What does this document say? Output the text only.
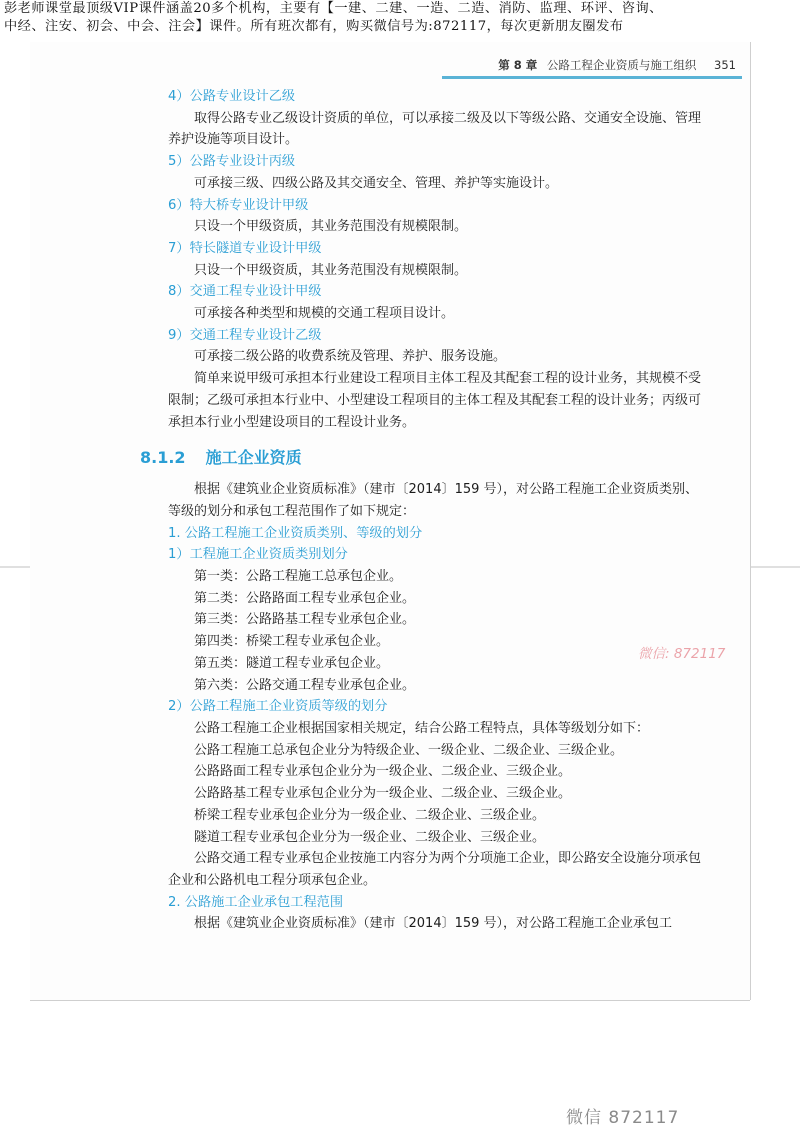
彭老师课堂最顶级VIP课件涵盖20多个机构，主要有【一建、二建、一造、二造、消防、监理、环评、咨询、
中经、注安、初会、中会、注会】课件。所有班次都有，购买微信号为:872117，每次更新朋友圈发布
第 8 章 公路工程企业资质与施工组织 351

4）公路专业设计乙级

取得公路专业乙级设计资质的单位，可以承接二级及以下等级公路、交通安全设施、管理养护设施等项目设计。

5）公路专业设计丙级

可承接三级、四级公路及其交通安全、管理、养护等实施设计。

6）特大桥专业设计甲级

只设一个甲级资质，其业务范围没有规模限制。

7）特长隧道专业设计甲级

只设一个甲级资质，其业务范围没有规模限制。

8）交通工程专业设计甲级

可承接各种类型和规模的交通工程项目设计。

9）交通工程专业设计乙级

可承接二级公路的收费系统及管理、养护、服务设施。

简单来说甲级可承担本行业建设工程项目主体工程及其配套工程的设计业务，其规模不受限制；乙级可承担本行业中、小型建设工程项目的主体工程及其配套工程的设计业务；丙级可承担本行业小型建设项目的工程设计业务。

8.1.2 施工企业资质

根据《建筑业企业资质标准》（建市〔2014〕159 号），对公路工程施工企业资质类别、等级的划分和承包工程范围作了如下规定：

1. 公路工程施工企业资质类别、等级的划分

1）工程施工企业资质类别划分

第一类：公路工程施工总承包企业。

第二类：公路路面工程专业承包企业。

第三类：公路路基工程专业承包企业。

第四类：桥梁工程专业承包企业。

第五类：隧道工程专业承包企业。

第六类：公路交通工程专业承包企业。

2）公路工程施工企业资质等级的划分

公路工程施工企业根据国家相关规定，结合公路工程特点，具体等级划分如下：

公路工程施工总承包企业分为特级企业、一级企业、二级企业、三级企业。

公路路面工程专业承包企业分为一级企业、二级企业、三级企业。

公路路基工程专业承包企业分为一级企业、二级企业、三级企业。

桥梁工程专业承包企业分为一级企业、二级企业、三级企业。

隧道工程专业承包企业分为一级企业、二级企业、三级企业。

公路交通工程专业承包企业按施工内容分为两个分项施工企业，即公路安全设施分项承包企业和公路机电工程分项承包企业。

2. 公路施工企业承包工程范围

根据《建筑业企业资质标准》（建市〔2014〕159 号），对公路工程施工企业承包工

微信: 872117
微信 872117
